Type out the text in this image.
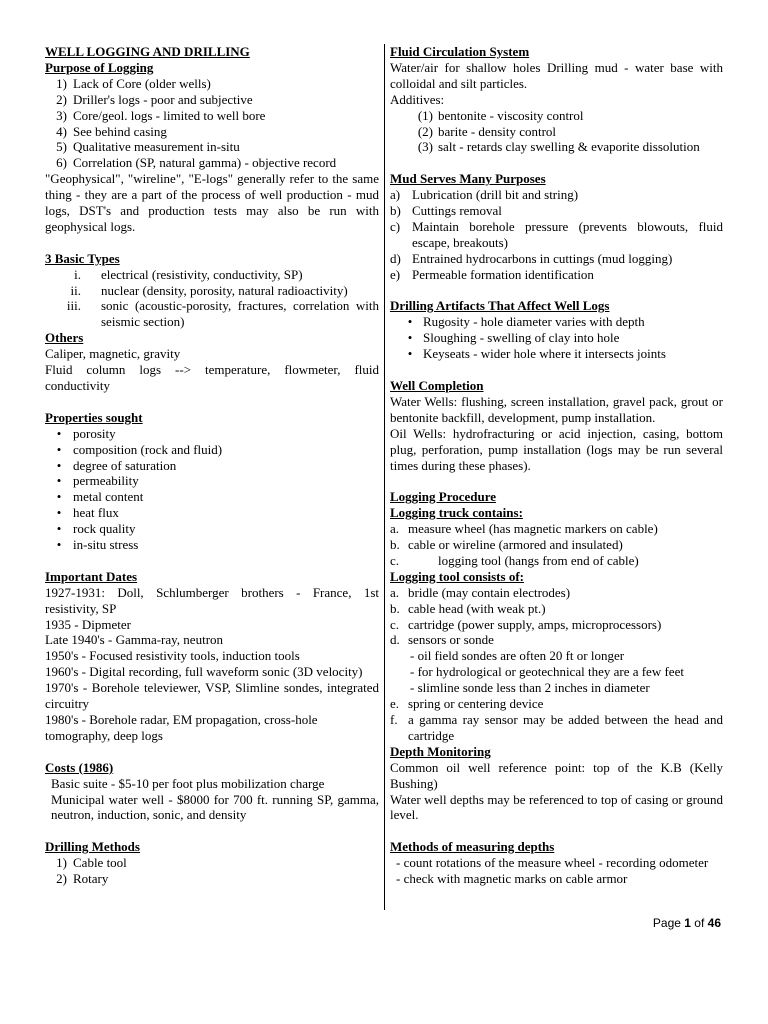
WELL LOGGING AND DRILLING
Purpose of Logging
1) Lack of Core (older wells)
2) Driller's logs - poor and subjective
3) Core/geol. logs - limited to well bore
4) See behind casing
5) Qualitative measurement in-situ
6) Correlation (SP, natural gamma) - objective record

"Geophysical", "wireline", "E-logs" generally refer to the same thing - they are a part of the process of well production - mud logs, DST's and production tests may also be run with geophysical logs.

3 Basic Types
i.	electrical (resistivity, conductivity, SP)
ii.	nuclear (density, porosity, natural radioactivity)
iii.	sonic (acoustic-porosity, fractures, correlation with seismic section)
Others

Caliper, magnetic, gravity

Fluid column logs --> temperature, flowmeter, fluid conductivity

Properties sought
• porosity
• composition (rock and fluid)
• degree of saturation
• permeability
• metal content
• heat flux
• rock quality
• in-situ stress
Important Dates

1927-1931: Doll, Schlumberger brothers - France, 1st resistivity, SP

1935 - Dipmeter

Late 1940's - Gamma-ray, neutron

1950's - Focused resistivity tools, induction tools

1960's - Digital recording, full waveform sonic (3D velocity)

1970's - Borehole televiewer, VSP, Slimline sondes, integrated circuitry

1980's - Borehole radar, EM propagation, cross-hole tomography, deep logs

Costs (1986)

Basic suite - $5-10 per foot plus mobilization charge

Municipal water well - $8000 for 700 ft. running SP, gamma, neutron, induction, sonic, and density

Drilling Methods
1) Cable tool
2) Rotary
Fluid Circulation System

Water/air for shallow holes Drilling mud - water base with colloidal and silt particles.

Additives:

(1) bentonite - viscosity control
(2) barite - density control
(3) salt - retards clay swelling & evaporite dissolution
Mud Serves Many Purposes
a) Lubrication (drill bit and string)
b) Cuttings removal
c) Maintain borehole pressure (prevents blowouts, fluid escape, breakouts)
d) Entrained hydrocarbons in cuttings (mud logging)
e) Permeable formation identification
Drilling Artifacts That Affect Well Logs
• Rugosity - hole diameter varies with depth
• Sloughing - swelling of clay into hole
• Keyseats - wider hole where it intersects joints
Well Completion

Water Wells: flushing, screen installation, gravel pack, grout or bentonite backfill, development, pump installation.

Oil Wells: hydrofracturing or acid injection, casing, bottom plug, perforation, pump installation (logs may be run several times during these phases).

Logging Procedure
Logging truck contains:
a. measure wheel (has magnetic markers on cable)
b. cable or wireline (armored and insulated)
c.	logging tool (hangs from end of cable)
Logging tool consists of:
a. bridle (may contain electrodes)
b. cable head (with weak pt.)
c. cartridge (power supply, amps, microprocessors)
d. sensors or sonde

- oil field sondes are often 20 ft or longer

- for hydrological or geotechnical they are a few feet

- slimline sonde less than 2 inches in diameter

e. spring or centering device
f. a gamma ray sensor may be added between the head and cartridge
Depth Monitoring

Common oil well reference point: top of the K.B (Kelly Bushing)

Water well depths may be referenced to top of casing or ground level.

Methods of measuring depths

- count rotations of the measure wheel - recording odometer

- check with magnetic marks on cable armor

Page 1 of 46
